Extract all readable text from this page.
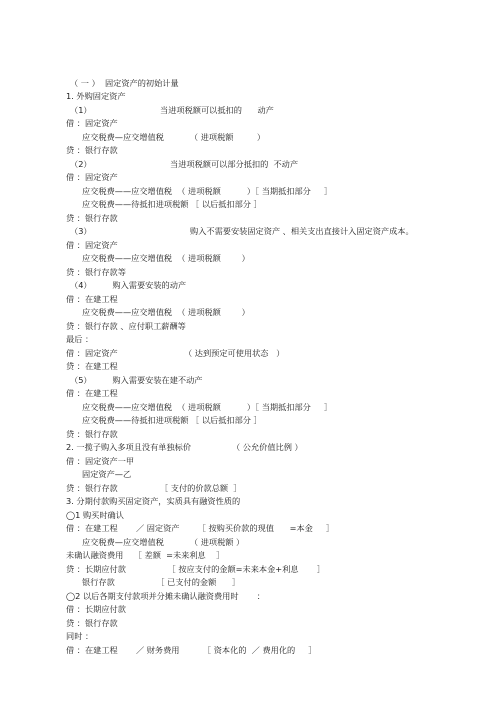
（ 一 ）  固定资产的初始计量
1. 外购固定资产
（1）	当进项税额可以抵扣的      动产
借 ：固定资产
应交税费—应交增值税          （ 进项税额         ）
贷 ：银行存款
（2）	当进项税额可以部分抵扣的  不动产
借 ：固定资产
应交税费——应交增值税  （ 进项税额          ）［ 当期抵扣部分     ］
应交税费——待抵扣进项税额 ［ 以后抵扣部分 ］
贷 ：银行存款
（3）	购入不需要安装固定资产 、相关支出直接计入固定资产成本。
借 ：固定资产
应交税费——应交增值税  （ 进项税额        ）
贷 ：银行存款等
（4）        购入需要安装的动产
借 ：在建工程
应交税费——应交增值税  （ 进项税额        ）
贷 ：银行存款 、应付职工薪酬等
最后 ：
借 ：固定资产	（ 达到预定可使用状态   ）
贷 ：在建工程
（5）        购入需要安装在建不动产
借 ：在建工程
应交税费——应交增值税  （ 进项税额          ）［ 当期抵扣部分     ］
应交税费——待抵扣进项税额 ［ 以后抵扣部分 ］
贷 ：银行存款
2. 一揽子购入多项且没有单独标价	（ 公允价值比例 ）
借 ：固定资产一甲
固定资产—乙
贷 ：银行存款	［ 支付的价款总额  ］
3. 分期付款购买固定资产，实质具有融资性质的
◯1 购买时确认
借 ：在建工程       ／ 固定资产       ［ 按购买价款的现值      =本金     ］
应交税费—应交增值税          （ 进项税额 ）
未确认融资费用    ［ 差额  =未来利息    ］
贷 ：长期应付款                ［ 按应支付的金额=未来本金+利息       ］
银行存款                ［ 已支付的金额      ］
◯2 以后各期支付款项并分摊未确认融资费用时       ：
借 ：长期应付款
贷 ：银行存款
同时 ：
借 ：在建工程       ／ 财务费用         ［ 资本化的  ／ 费用化的     ］
